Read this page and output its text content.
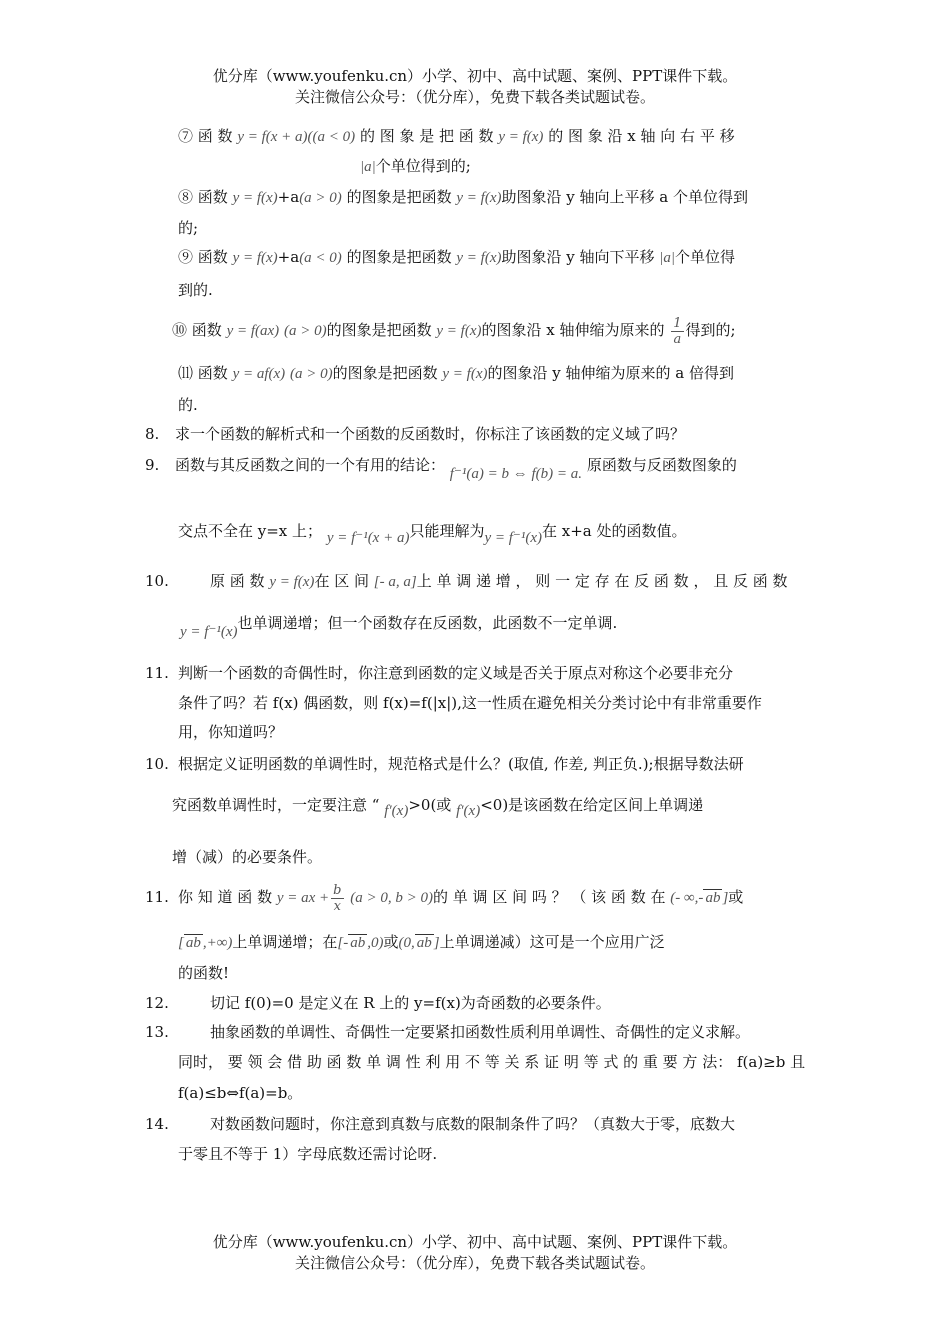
优分库（www.youfenku.cn）小学、初中、高中试题、案例、PPT课件下载。
关注微信公众号：（优分库），免费下载各类试题试卷。
⑦ 函 数 y = f(x + a)((a < 0) 的 图 象 是 把 函 数 y = f(x) 的 图 象 沿 x 轴 向 右 平 移
|a|个单位得到的;
⑧ 函数 y = f(x)+a(a > 0) 的图象是把函数 y = f(x)助图象沿 y 轴向上平移 a 个单位得到
的;
⑨ 函数 y = f(x)+a(a < 0) 的图象是把函数 y = f(x)助图象沿 y 轴向下平移 |a|个单位得
到的.
⑩ 函数 y = f(ax) (a > 0)的图象是把函数 y = f(x)的图象沿 x 轴伸缩为原来的 $\frac{1}{a}$ 得到的;
⑾ 函数 y = af(x) (a > 0)的图象是把函数 y = f(x)的图象沿 y 轴伸缩为原来的 a 倍得到
的.
8. 求一个函数的解析式和一个函数的反函数时，你标注了该函数的定义域了吗？
9. 函数与其反函数之间的一个有用的结论： f⁻¹(a) = b ⇔ f(b) = a. 原函数与反函数图象的
交点不全在 y=x 上； y = f⁻¹(x + a)只能理解为y = f⁻¹(x)在 x+a 处的函数值。
10.	原 函 数 y = f(x)在 区 间 [- a, a]上 单 调 递 增 ， 则 一 定 存 在 反 函 数 ， 且 反 函 数
y = f⁻¹(x)也单调递增；但一个函数存在反函数，此函数不一定单调.
11. 判断一个函数的奇偶性时，你注意到函数的定义域是否关于原点对称这个必要非充分
条件了吗？若 f(x) 偶函数，则 f(x)=f(|x|),这一性质在避免相关分类讨论中有非常重要作
用，你知道吗？
10. 根据定义证明函数的单调性时，规范格式是什么？(取值, 作差, 判正负.);根据导数法研
究函数单调性时，一定要注意 “ f′(x)>0(或 f′(x)<0)是该函数在给定区间上单调递
增（减）的必要条件。
11. 你 知 道 函 数 y = ax + $\frac{b}{x} (a > 0$, b > 0)的 单 调 区 间 吗 ？ （ 该 函 数 在 (- ∞,- ab ]或
[ ab ,+∞)上单调递增；在[- ab ,0)或(0, ab ]上单调递减）这可是一个应用广泛
的函数!
12.	切记 f(0)=0 是定义在 R 上的 y=f(x)为奇函数的必要条件。
13.	抽象函数的单调性、奇偶性一定要紧扣函数性质利用单调性、奇偶性的定义求解。
同时， 要 领 会 借 助 函 数 单 调 性 利 用 不 等 关 系 证 明 等 式 的 重 要 方 法： f(a)≥b 且
f(a)≤b⇔f(a)=b。
14.	对数函数问题时，你注意到真数与底数的限制条件了吗？（真数大于零，底数大
于零且不等于 1）字母底数还需讨论呀.
优分库（www.youfenku.cn）小学、初中、高中试题、案例、PPT课件下载。
关注微信公众号：（优分库），免费下载各类试题试卷。
